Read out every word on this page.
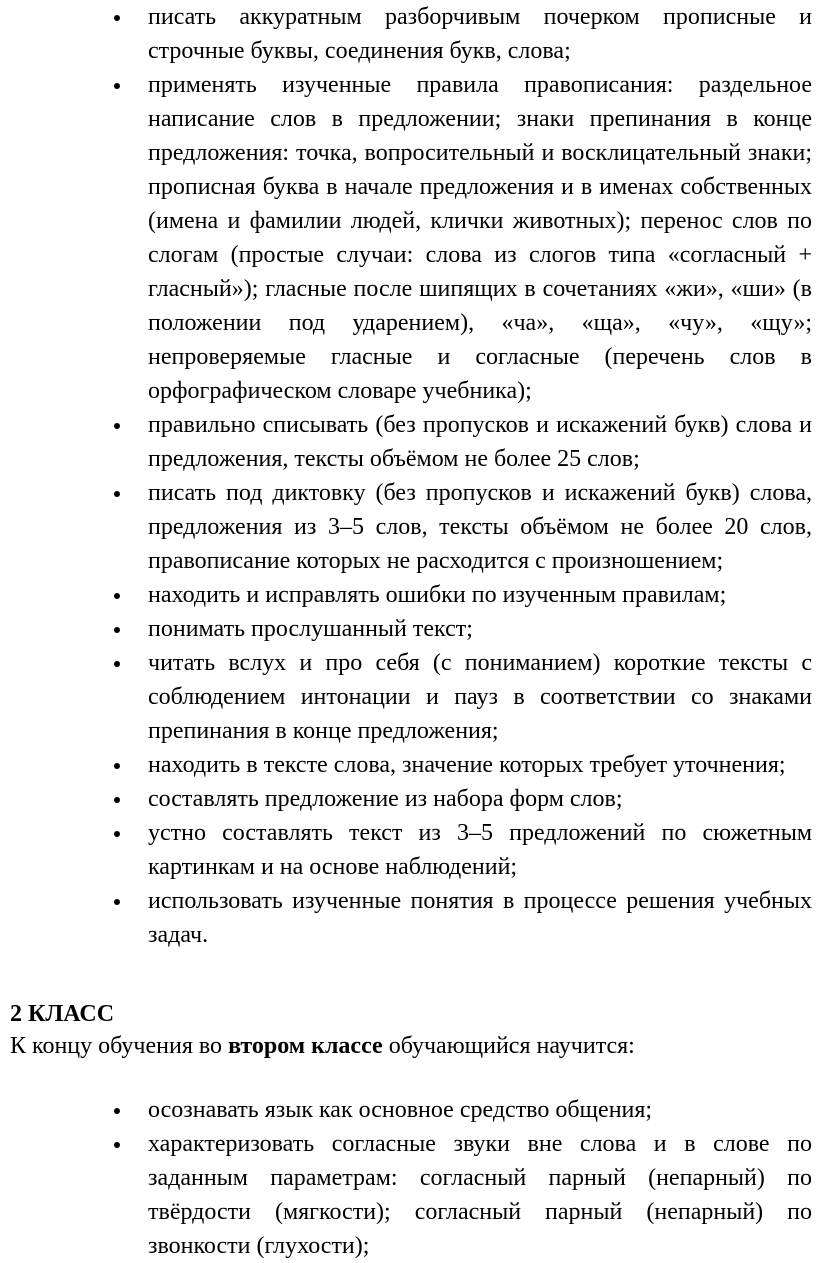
писать аккуратным разборчивым почерком прописные и строчные буквы, соединения букв, слова;
применять изученные правила правописания: раздельное написание слов в предложении; знаки препинания в конце предложения: точка, вопросительный и восклицательный знаки; прописная буква в начале предложения и в именах собственных (имена и фамилии людей, клички животных); перенос слов по слогам (простые случаи: слова из слогов типа «согласный + гласный»); гласные после шипящих в сочетаниях «жи», «ши» (в положении под ударением), «ча», «ща», «чу», «щу»; непроверяемые гласные и согласные (перечень слов в орфографическом словаре учебника);
правильно списывать (без пропусков и искажений букв) слова и предложения, тексты объёмом не более 25 слов;
писать под диктовку (без пропусков и искажений букв) слова, предложения из 3–5 слов, тексты объёмом не более 20 слов, правописание которых не расходится с произношением;
находить и исправлять ошибки по изученным правилам;
понимать прослушанный текст;
читать вслух и про себя (с пониманием) короткие тексты с соблюдением интонации и пауз в соответствии со знаками препинания в конце предложения;
находить в тексте слова, значение которых требует уточнения;
составлять предложение из набора форм слов;
устно составлять текст из 3–5 предложений по сюжетным картинкам и на основе наблюдений;
использовать изученные понятия в процессе решения учебных задач.
2 КЛАСС
К концу обучения во втором классе обучающийся научится:
осознавать язык как основное средство общения;
характеризовать согласные звуки вне слова и в слове по заданным параметрам: согласный парный (непарный) по твёрдости (мягкости); согласный парный (непарный) по звонкости (глухости);
